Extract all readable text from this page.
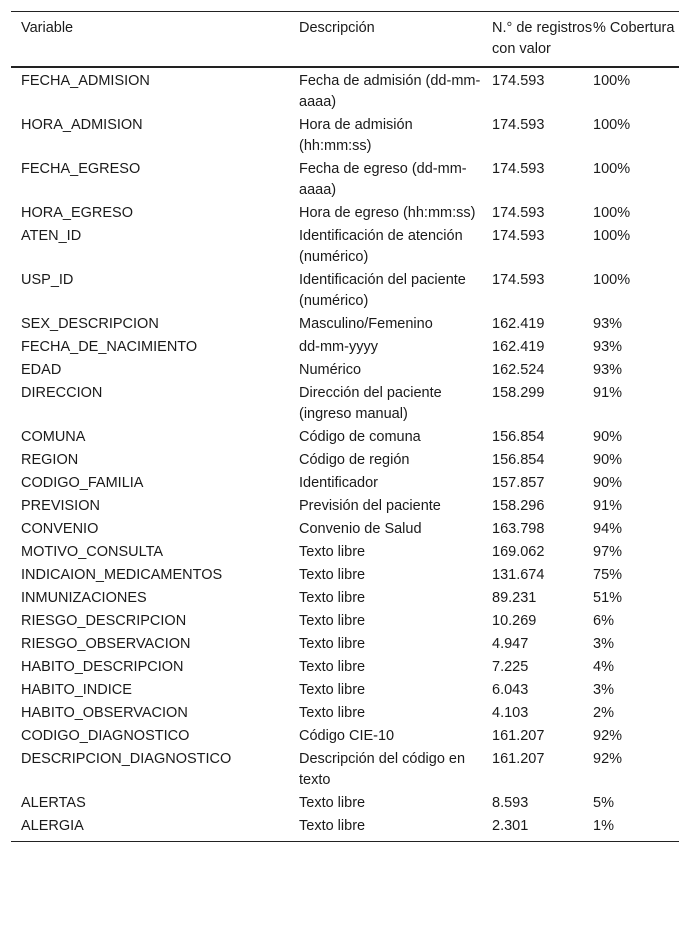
Variable	Descripción	N.° de registros con valor	% Cobertura
FECHA_ADMISION	Fecha de admisión (dd-mm-aaaa)	174.593	100%
HORA_ADMISION	Hora de admisión (hh:mm:ss)	174.593	100%
FECHA_EGRESO	Fecha de egreso (dd-mm-aaaa)	174.593	100%
HORA_EGRESO	Hora de egreso (hh:mm:ss)	174.593	100%
ATEN_ID	Identificación de atención (numérico)	174.593	100%
USP_ID	Identificación del paciente (numérico)	174.593	100%
SEX_DESCRIPCION	Masculino/Femenino	162.419	93%
FECHA_DE_NACIMIENTO	dd-mm-yyyy	162.419	93%
EDAD	Numérico	162.524	93%
DIRECCION	Dirección del paciente (ingreso manual)	158.299	91%
COMUNA	Código de comuna	156.854	90%
REGION	Código de región	156.854	90%
CODIGO_FAMILIA	Identificador	157.857	90%
PREVISION	Previsión del paciente	158.296	91%
CONVENIO	Convenio de Salud	163.798	94%
MOTIVO_CONSULTA	Texto libre	169.062	97%
INDICAION_MEDICAMENTOS	Texto libre	131.674	75%
INMUNIZACIONES	Texto libre	89.231	51%
RIESGO_DESCRIPCION	Texto libre	10.269	6%
RIESGO_OBSERVACION	Texto libre	4.947	3%
HABITO_DESCRIPCION	Texto libre	7.225	4%
HABITO_INDICE	Texto libre	6.043	3%
HABITO_OBSERVACION	Texto libre	4.103	2%
CODIGO_DIAGNOSTICO	Código CIE-10	161.207	92%
DESCRIPCION_DIAGNOSTICO	Descripción del código en texto	161.207	92%
ALERTAS	Texto libre	8.593	5%
ALERGIA	Texto libre	2.301	1%
